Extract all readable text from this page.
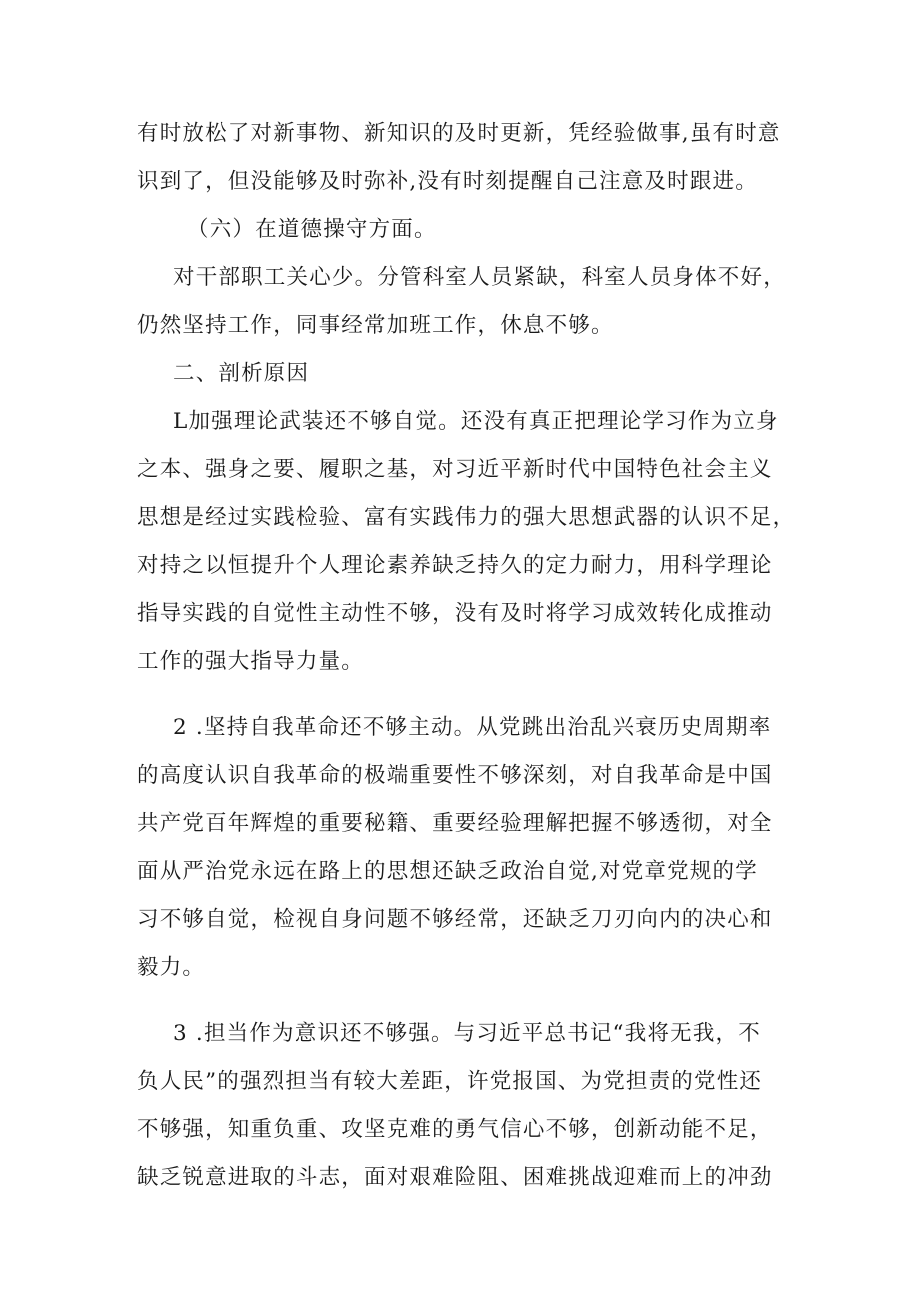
有时放松了对新事物、新知识的及时更新，凭经验做事,虽有时意
识到了，但没能够及时弥补,没有时刻提醒自己注意及时跟进。
（六）在道德操守方面。
对干部职工关心少。分管科室人员紧缺，科室人员身体不好，
仍然坚持工作，同事经常加班工作，休息不够。
二、剖析原因
L加强理论武装还不够自觉。还没有真正把理论学习作为立身
之本、强身之要、履职之基，对习近平新时代中国特色社会主义
思想是经过实践检验、富有实践伟力的强大思想武器的认识不足，
对持之以恒提升个人理论素养缺乏持久的定力耐力，用科学理论
指导实践的自觉性主动性不够，没有及时将学习成效转化成推动
工作的强大指导力量。
2 .坚持自我革命还不够主动。从党跳出治乱兴衰历史周期率
的高度认识自我革命的极端重要性不够深刻，对自我革命是中国
共产党百年辉煌的重要秘籍、重要经验理解把握不够透彻，对全
面从严治党永远在路上的思想还缺乏政治自觉,对党章党规的学
习不够自觉，检视自身问题不够经常，还缺乏刀刃向内的决心和
毅力。
3 .担当作为意识还不够强。与习近平总书记“我将无我，不
负人民”的强烈担当有较大差距，许党报国、为党担责的党性还
不够强，知重负重、攻坚克难的勇气信心不够，创新动能不足，
缺乏锐意进取的斗志，面对艰难险阻、困难挑战迎难而上的冲劲
